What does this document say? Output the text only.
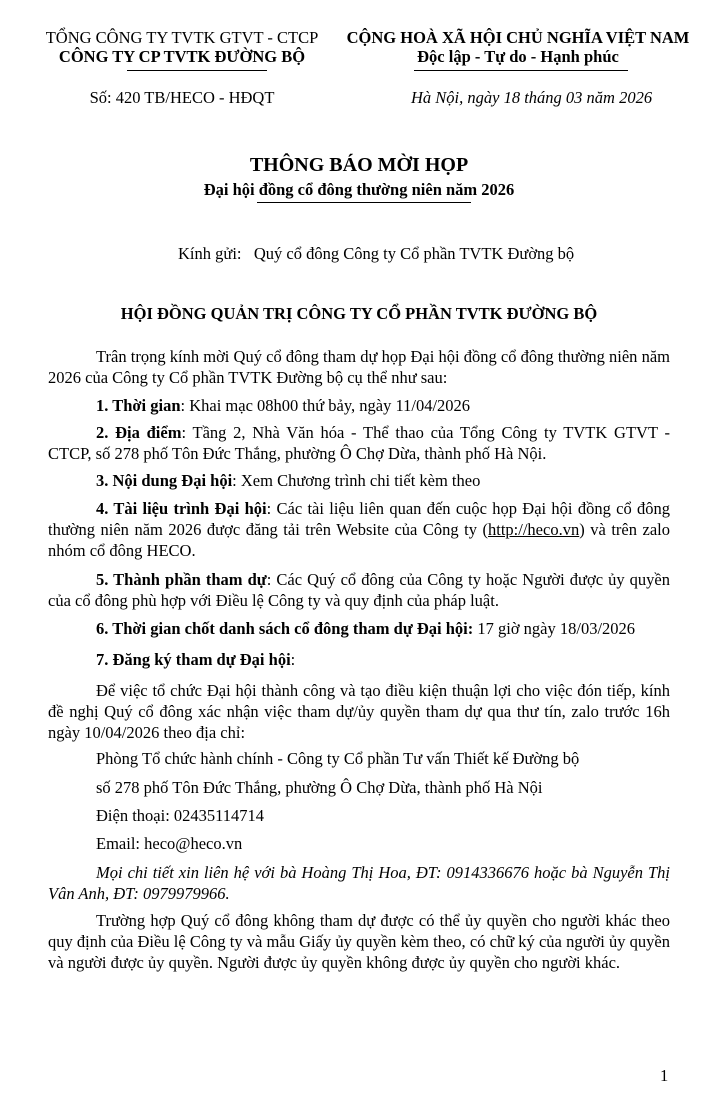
TỔNG CÔNG TY TVTK GTVT - CTCP
CÔNG TY CP TVTK ĐƯỜNG BỘ
CỘNG HOÀ XÃ HỘI CHỦ NGHĨA VIỆT NAM
Độc lập - Tự do - Hạnh phúc
Số: 420 TB/HECO - HĐQT	Hà Nội, ngày 18 tháng 03 năm 2026
THÔNG BÁO MỜI HỌP
Đại hội đồng cổ đông thường niên năm 2026
Kính gửi:   Quý cổ đông Công ty Cổ phần TVTK Đường bộ
HỘI ĐỒNG QUẢN TRỊ CÔNG TY CỔ PHẦN TVTK ĐƯỜNG BỘ
Trân trọng kính mời Quý cổ đông tham dự họp Đại hội đồng cổ đông thường niên năm 2026 của Công ty Cổ phần TVTK Đường bộ cụ thể như sau:
1. Thời gian: Khai mạc 08h00 thứ bảy, ngày 11/04/2026
2. Địa điểm: Tầng 2, Nhà Văn hóa - Thể thao của Tổng Công ty TVTK GTVT - CTCP, số 278 phố Tôn Đức Thắng, phường Ô Chợ Dừa, thành phố Hà Nội.
3. Nội dung Đại hội: Xem Chương trình chi tiết kèm theo
4. Tài liệu trình Đại hội: Các tài liệu liên quan đến cuộc họp Đại hội đồng cổ đông thường niên năm 2026 được đăng tải trên Website của Công ty (http://heco.vn) và trên zalo nhóm cổ đông HECO.
5. Thành phần tham dự: Các Quý cổ đông của Công ty hoặc Người được ủy quyền của cổ đông phù hợp với Điều lệ Công ty và quy định của pháp luật.
6. Thời gian chốt danh sách cổ đông tham dự Đại hội: 17 giờ ngày 18/03/2026
7. Đăng ký tham dự Đại hội:
Để việc tổ chức Đại hội thành công và tạo điều kiện thuận lợi cho việc đón tiếp, kính đề nghị Quý cổ đông xác nhận việc tham dự/ủy quyền tham dự qua thư tín, zalo trước 16h ngày 10/04/2026 theo địa chỉ:
Phòng Tổ chức hành chính - Công ty Cổ phần Tư vấn Thiết kế Đường bộ
số 278 phố Tôn Đức Thắng, phường Ô Chợ Dừa, thành phố Hà Nội
Điện thoại: 02435114714
Email: heco@heco.vn
Mọi chi tiết xin liên hệ với bà Hoàng Thị Hoa, ĐT: 0914336676 hoặc bà Nguyễn Thị Vân Anh, ĐT: 0979979966.
Trường hợp Quý cổ đông không tham dự được có thể ủy quyền cho người khác theo quy định của Điều lệ Công ty và mẫu Giấy ủy quyền kèm theo, có chữ ký của người ủy quyền và người được ủy quyền. Người được ủy quyền không được ủy quyền cho người khác.
1
